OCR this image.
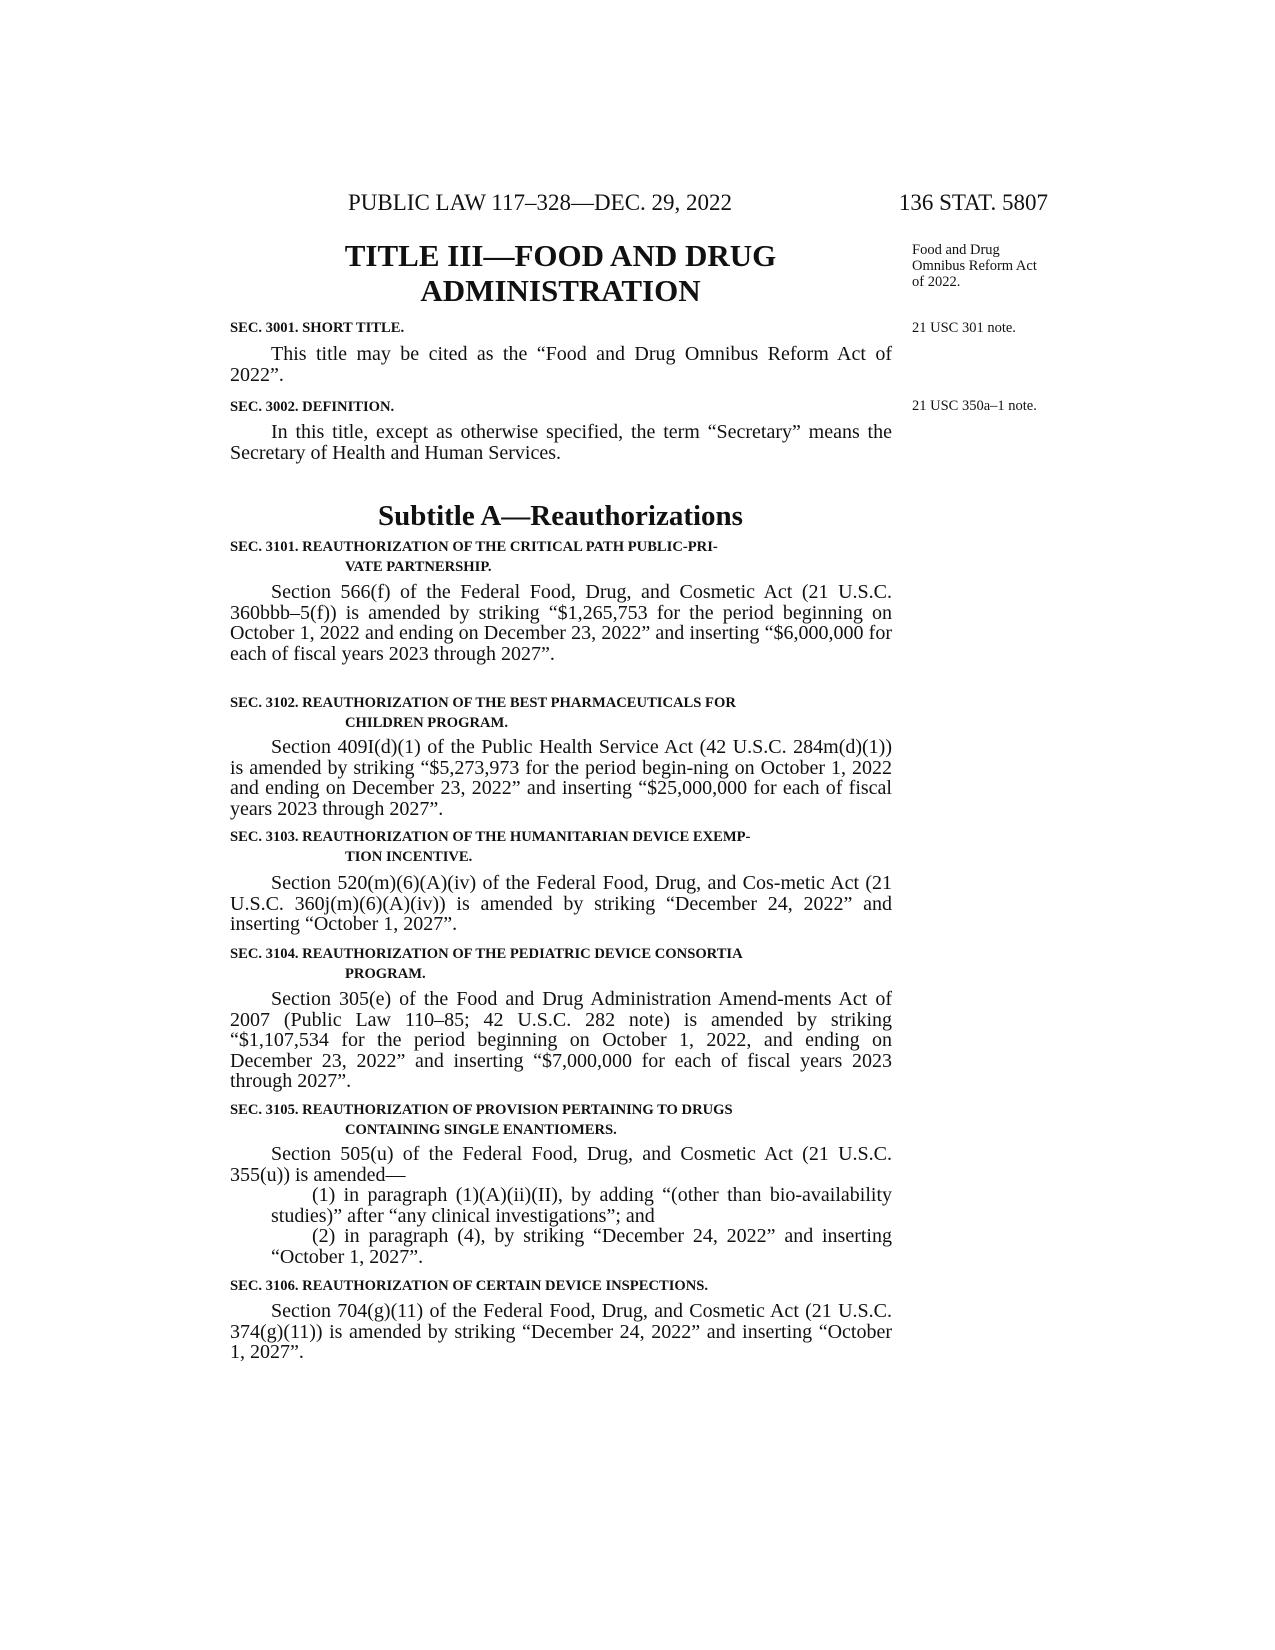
PUBLIC LAW 117–328—DEC. 29, 2022	136 STAT. 5807
TITLE III—FOOD AND DRUG
ADMINISTRATION
Food and Drug Omnibus Reform Act of 2022.
21 USC 301 note.
21 USC 350a–1 note.
SEC. 3001. SHORT TITLE.

This title may be cited as the “Food and Drug Omnibus Reform Act of 2022”.

SEC. 3002. DEFINITION.

In this title, except as otherwise specified, the term “Secretary” means the Secretary of Health and Human Services.

Subtitle A—Reauthorizations
SEC. 3101. REAUTHORIZATION OF THE CRITICAL PATH PUBLIC-PRI-
VATE PARTNERSHIP.

Section 566(f) of the Federal Food, Drug, and Cosmetic Act (21 U.S.C. 360bbb–5(f)) is amended by striking “$1,265,753 for the period beginning on October 1, 2022 and ending on December 23, 2022” and inserting “$6,000,000 for each of fiscal years 2023 through 2027”.

SEC. 3102. REAUTHORIZATION OF THE BEST PHARMACEUTICALS FOR
CHILDREN PROGRAM.

Section 409I(d)(1) of the Public Health Service Act (42 U.S.C. 284m(d)(1)) is amended by striking “$5,273,973 for the period begin-ning on October 1, 2022 and ending on December 23, 2022” and inserting “$25,000,000 for each of fiscal years 2023 through 2027”.

SEC. 3103. REAUTHORIZATION OF THE HUMANITARIAN DEVICE EXEMP-
TION INCENTIVE.

Section 520(m)(6)(A)(iv) of the Federal Food, Drug, and Cos-metic Act (21 U.S.C. 360j(m)(6)(A)(iv)) is amended by striking “December 24, 2022” and inserting “October 1, 2027”.

SEC. 3104. REAUTHORIZATION OF THE PEDIATRIC DEVICE CONSORTIA
PROGRAM.

Section 305(e) of the Food and Drug Administration Amend-ments Act of 2007 (Public Law 110–85; 42 U.S.C. 282 note) is amended by striking “$1,107,534 for the period beginning on October 1, 2022, and ending on December 23, 2022” and inserting “$7,000,000 for each of fiscal years 2023 through 2027”.

SEC. 3105. REAUTHORIZATION OF PROVISION PERTAINING TO DRUGS
CONTAINING SINGLE ENANTIOMERS.

Section 505(u) of the Federal Food, Drug, and Cosmetic Act (21 U.S.C. 355(u)) is amended—

(1) in paragraph (1)(A)(ii)(II), by adding “(other than bio-availability studies)” after “any clinical investigations”; and

(2) in paragraph (4), by striking “December 24, 2022” and inserting “October 1, 2027”.

SEC. 3106. REAUTHORIZATION OF CERTAIN DEVICE INSPECTIONS.

Section 704(g)(11) of the Federal Food, Drug, and Cosmetic Act (21 U.S.C. 374(g)(11)) is amended by striking “December 24, 2022” and inserting “October 1, 2027”.
